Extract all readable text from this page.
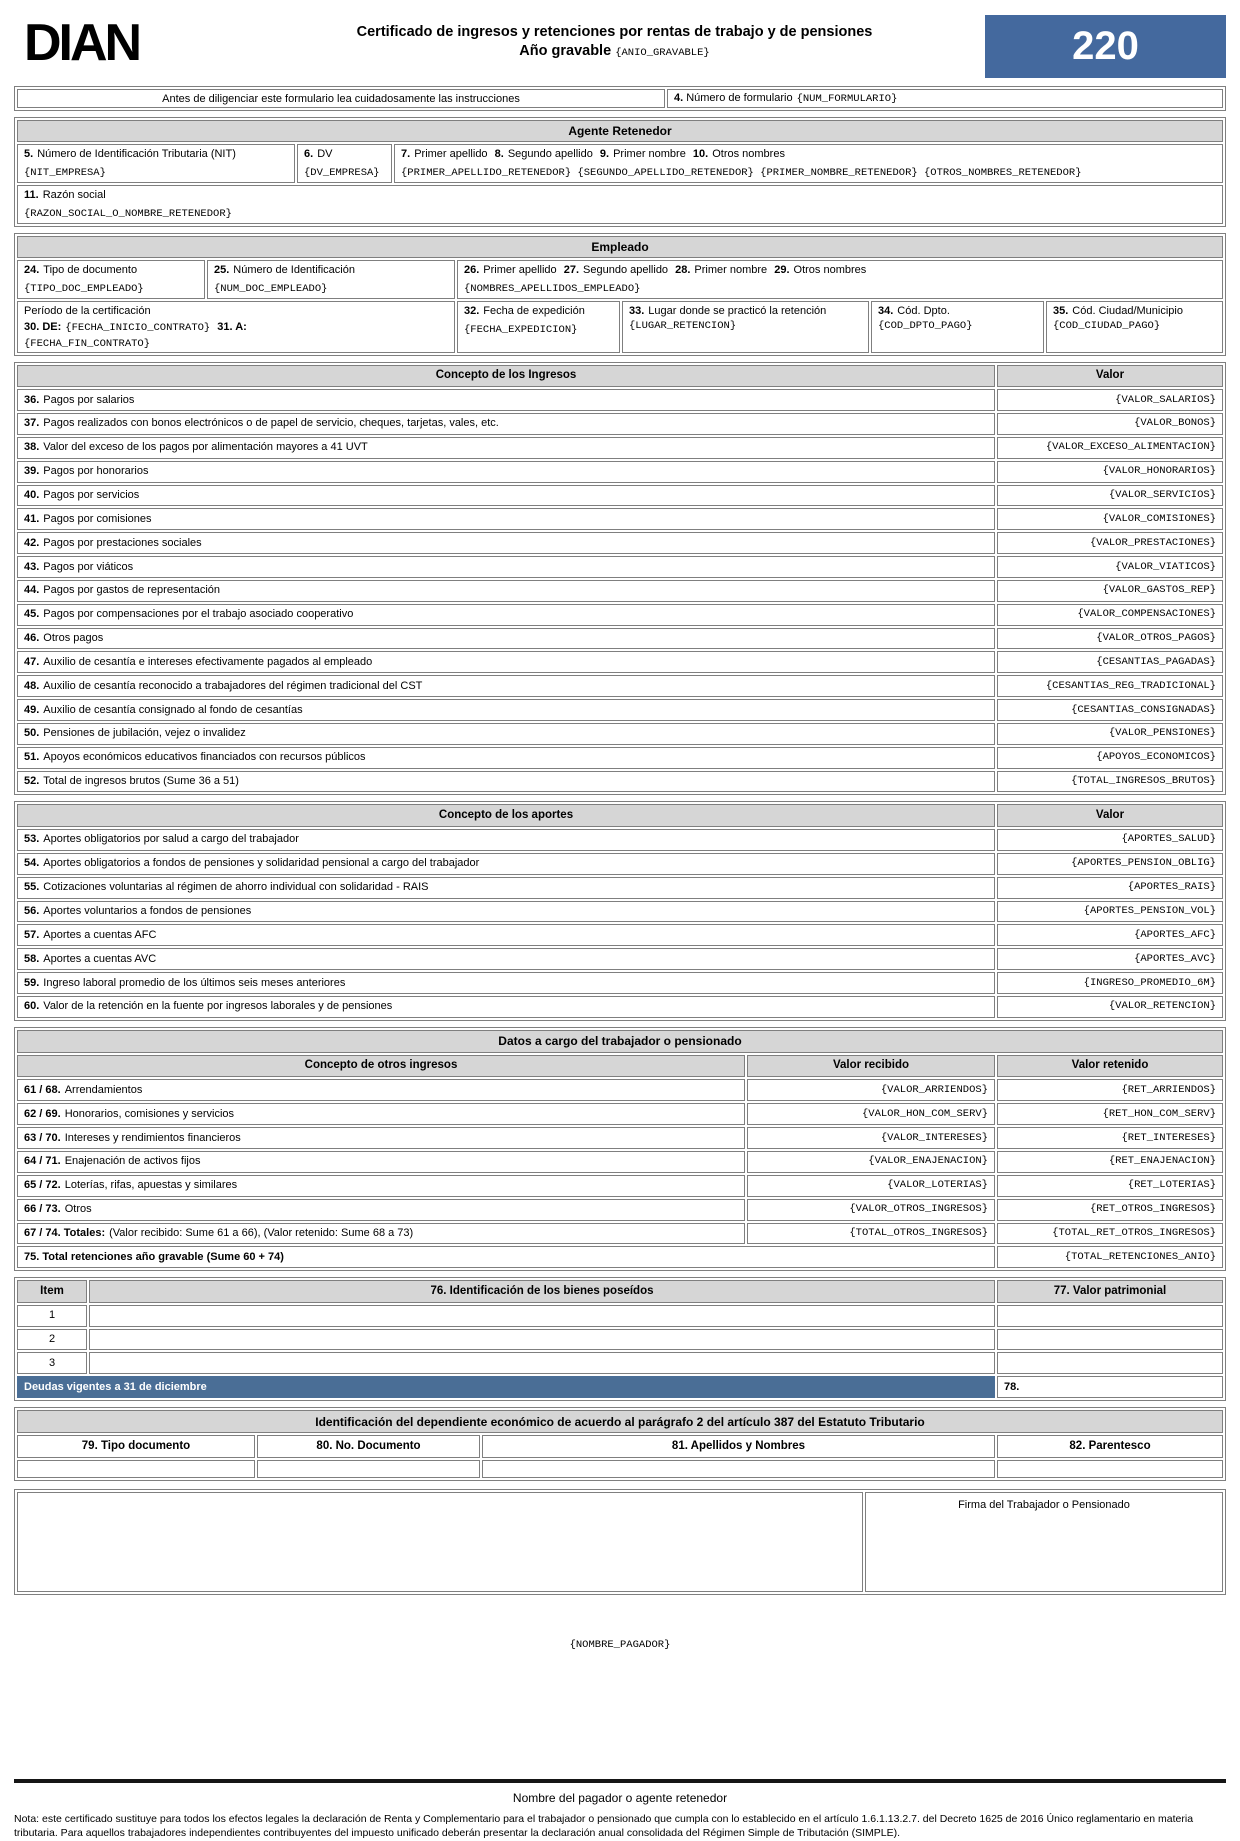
DIAN	Certificado de ingresos y retenciones por rentas de trabajo y de pensiones
Año gravable {ANIO_GRAVABLE}	220
Antes de diligenciar este formulario lea cuidadosamente las instrucciones	4. Número de formulario {NUM_FORMULARIO}
Agente Retenedor
5. Número de Identificación Tributaria (NIT)
{NIT_EMPRESA}
6. DV
{DV_EMPRESA}
7. Primer apellido 8. Segundo apellido 9. Primer nombre 10. Otros nombres
{PRIMER_APELLIDO_RETENEDOR} {SEGUNDO_APELLIDO_RETENEDOR} {PRIMER_NOMBRE_RETENEDOR} {OTROS_NOMBRES_RETENEDOR}
11. Razón social
{RAZON_SOCIAL_O_NOMBRE_RETENEDOR}
Empleado
24. Tipo de documento
{TIPO_DOC_EMPLEADO}
25. Número de Identificación
{NUM_DOC_EMPLEADO}
26. Primer apellido 27. Segundo apellido 28. Primer nombre 29. Otros nombres
{NOMBRES_APELLIDOS_EMPLEADO}
Período de la certificación
30. DE: {FECHA_INICIO_CONTRATO} 31. A:
{FECHA_FIN_CONTRATO}
32. Fecha de expedición
{FECHA_EXPEDICION}
33. Lugar donde se practicó la retención
{LUGAR_RETENCION}
34. Cód. Dpto.
{COD_DPTO_PAGO}
35. Cód. Ciudad/Municipio
{COD_CIUDAD_PAGO}
Concepto de los Ingresos	Valor
36. Pagos por salarios	{VALOR_SALARIOS}
37. Pagos realizados con bonos electrónicos o de papel de servicio, cheques, tarjetas, vales, etc.	{VALOR_BONOS}
38. Valor del exceso de los pagos por alimentación mayores a 41 UVT	{VALOR_EXCESO_ALIMENTACION}
39. Pagos por honorarios	{VALOR_HONORARIOS}
40. Pagos por servicios	{VALOR_SERVICIOS}
41. Pagos por comisiones	{VALOR_COMISIONES}
42. Pagos por prestaciones sociales	{VALOR_PRESTACIONES}
43. Pagos por viáticos	{VALOR_VIATICOS}
44. Pagos por gastos de representación	{VALOR_GASTOS_REP}
45. Pagos por compensaciones por el trabajo asociado cooperativo	{VALOR_COMPENSACIONES}
46. Otros pagos	{VALOR_OTROS_PAGOS}
47. Auxilio de cesantía e intereses efectivamente pagados al empleado	{CESANTIAS_PAGADAS}
48. Auxilio de cesantía reconocido a trabajadores del régimen tradicional del CST	{CESANTIAS_REG_TRADICIONAL}
49. Auxilio de cesantía consignado al fondo de cesantías	{CESANTIAS_CONSIGNADAS}
50. Pensiones de jubilación, vejez o invalidez	{VALOR_PENSIONES}
51. Apoyos económicos educativos financiados con recursos públicos	{APOYOS_ECONOMICOS}
52. Total de ingresos brutos (Sume 36 a 51)	{TOTAL_INGRESOS_BRUTOS}
Concepto de los aportes	Valor
53. Aportes obligatorios por salud a cargo del trabajador	{APORTES_SALUD}
54. Aportes obligatorios a fondos de pensiones y solidaridad pensional a cargo del trabajador	{APORTES_PENSION_OBLIG}
55. Cotizaciones voluntarias al régimen de ahorro individual con solidaridad - RAIS	{APORTES_RAIS}
56. Aportes voluntarios a fondos de pensiones	{APORTES_PENSION_VOL}
57. Aportes a cuentas AFC	{APORTES_AFC}
58. Aportes a cuentas AVC	{APORTES_AVC}
59. Ingreso laboral promedio de los últimos seis meses anteriores	{INGRESO_PROMEDIO_6M}
60. Valor de la retención en la fuente por ingresos laborales y de pensiones	{VALOR_RETENCION}
Datos a cargo del trabajador o pensionado
Concepto de otros ingresos	Valor recibido	Valor retenido
61 / 68. Arrendamientos	{VALOR_ARRIENDOS}	{RET_ARRIENDOS}
62 / 69. Honorarios, comisiones y servicios	{VALOR_HON_COM_SERV}	{RET_HON_COM_SERV}
63 / 70. Intereses y rendimientos financieros	{VALOR_INTERESES}	{RET_INTERESES}
64 / 71. Enajenación de activos fijos	{VALOR_ENAJENACION}	{RET_ENAJENACION}
65 / 72. Loterías, rifas, apuestas y similares	{VALOR_LOTERIAS}	{RET_LOTERIAS}
66 / 73. Otros	{VALOR_OTROS_INGRESOS}	{RET_OTROS_INGRESOS}
67 / 74. Totales: (Valor recibido: Sume 61 a 66), (Valor retenido: Sume 68 a 73)	{TOTAL_OTROS_INGRESOS}	{TOTAL_RET_OTROS_INGRESOS}
75. Total retenciones año gravable (Sume 60 + 74)	{TOTAL_RETENCIONES_ANIO}
Item	76. Identificación de los bienes poseídos	77. Valor patrimonial
1
2
3
Deudas vigentes a 31 de diciembre	78.
Identificación del dependiente económico de acuerdo al parágrafo 2 del artículo 387 del Estatuto Tributario
79. Tipo documento	80. No. Documento	81. Apellidos y Nombres	82. Parentesco
Firma del Trabajador o Pensionado
{NOMBRE_PAGADOR}
Nombre del pagador o agente retenedor
Nota: este certificado sustituye para todos los efectos legales la declaración de Renta y Complementario para el trabajador o pensionado que cumpla con lo establecido en el artículo 1.6.1.13.2.7. del Decreto 1625 de 2016 Único reglamentario en materia tributaria. Para aquellos trabajadores independientes contribuyentes del impuesto unificado deberán presentar la declaración anual consolidada del Régimen Simple de Tributación (SIMPLE).
